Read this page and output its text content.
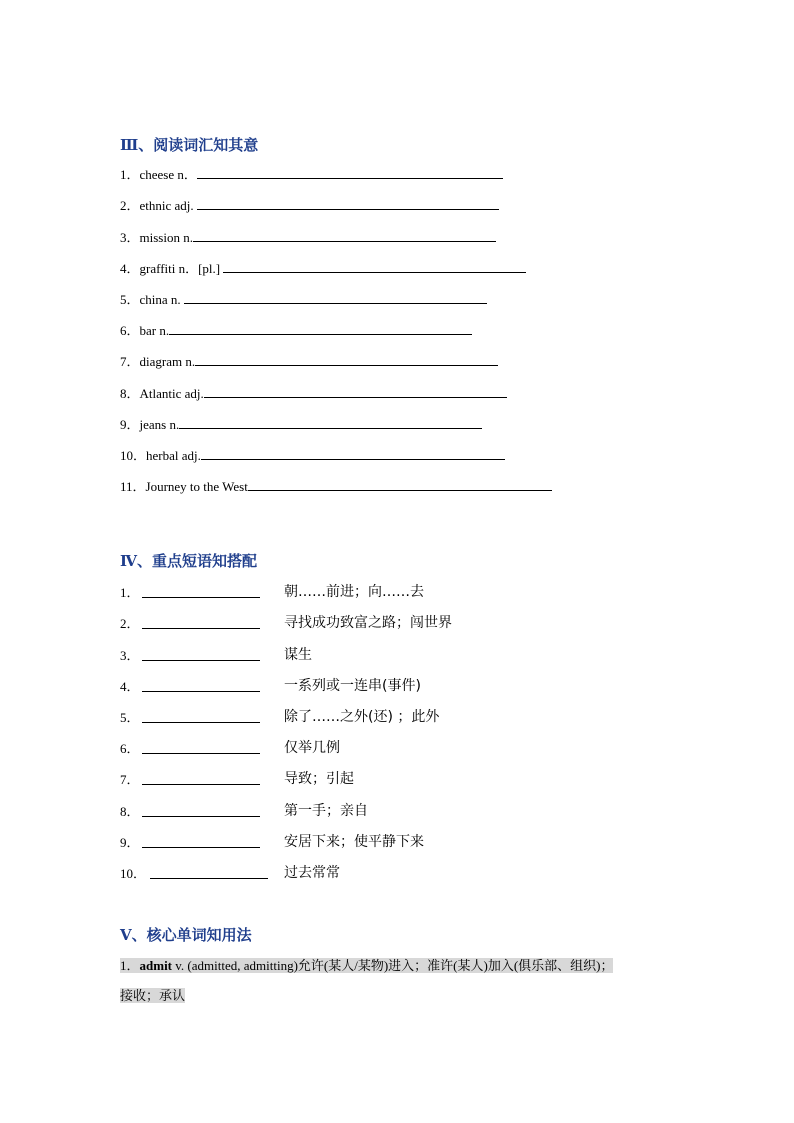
Ⅲ、阅读词汇知其意
1．cheese n．
2．ethnic adj.
3．mission n.
4．graffiti n．[pl.]
5．china n.
6．bar n.
7．diagram n.
8．Atlantic adj.
9．jeans n.
10．herbal adj.
11．Journey to the West
Ⅳ、重点短语知搭配
1．	朝……前进；向……去
2．	寻找成功致富之路；闯世界
3．	谋生
4．	一系列或一连串(事件)
5．	除了……之外(还) ；此外
6．	仅举几例
7．	导致；引起
8．	第一手；亲自
9．	安居下来；使平静下来
10．	过去常常
Ⅴ、核心单词知用法
1．admit v. (admitted, admitting)允许(某人/某物)进入；准许(某人)加入(俱乐部、组织)；
接收；承认
